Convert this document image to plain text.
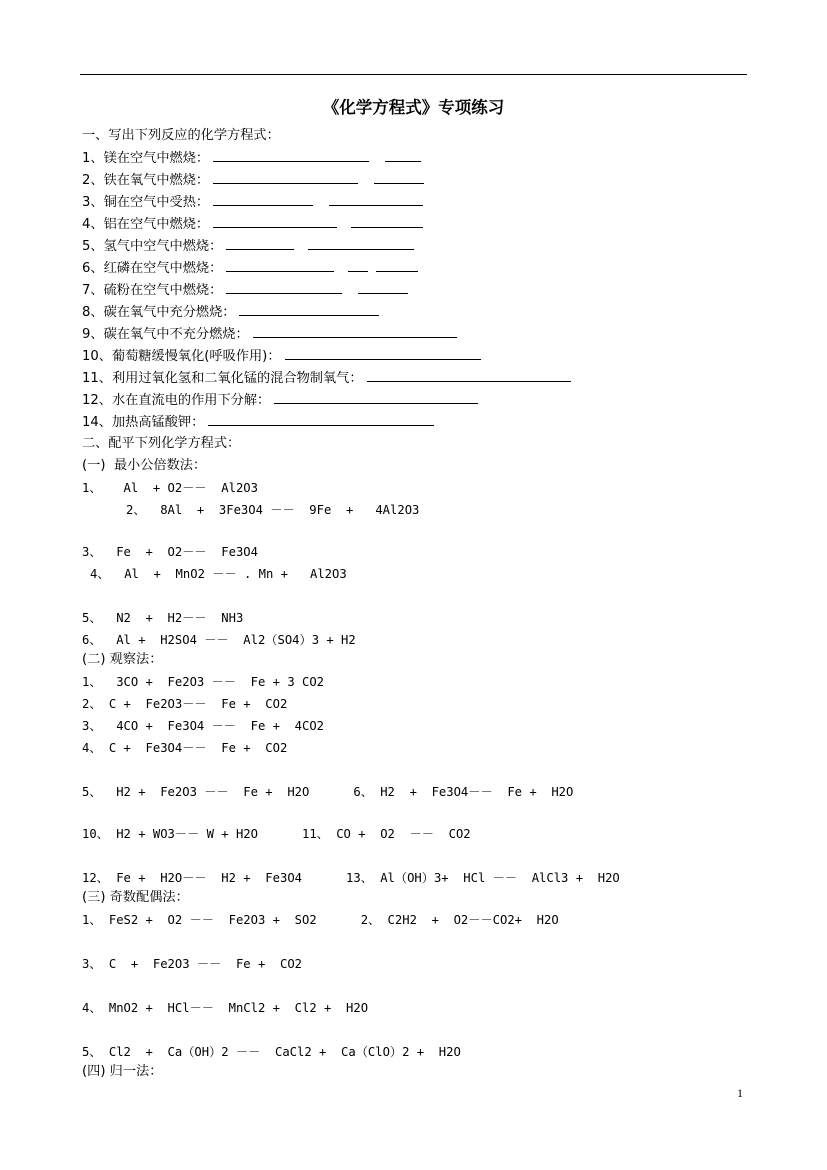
《化学方程式》专项练习
一、写出下列反应的化学方程式：
1、镁在空气中燃烧：
2、铁在氧气中燃烧：
3、铜在空气中受热：
4、铝在空气中燃烧：
5、氢气中空气中燃烧：
6、红磷在空气中燃烧：
7、硫粉在空气中燃烧：
8、碳在氧气中充分燃烧：
9、碳在氧气中不充分燃烧：
10、葡萄糖缓慢氧化(呼吸作用)：
11、利用过氧化氢和二氧化锰的混合物制氧气：
12、水在直流电的作用下分解：
14、加热高锰酸钾：
二、配平下列化学方程式：
(一)  最小公倍数法：
1、   Al  + O2－－  Al2O3
2、  8Al  +  3Fe3O4 －－  9Fe  +   4Al2O3
3、  Fe  +  O2－－  Fe3O4
4、  Al  +  MnO2 －－ . Mn +   Al2O3
5、  N2  +  H2－－  NH3
6、  Al +  H2SO4 －－  Al2（SO4）3 + H2
(二) 观察法：
1、  3CO +  Fe2O3 －－  Fe + 3 CO2
2、 C +  Fe2O3－－  Fe +  CO2
3、  4CO +  Fe3O4 －－  Fe +  4CO2
4、 C +  Fe3O4－－  Fe +  CO2
5、  H2 +  Fe2O3 －－  Fe +  H2O      6、 H2  +  Fe3O4－－  Fe +  H2O
10、 H2 + WO3－－ W + H2O      11、 CO +  O2  －－  CO2
12、 Fe +  H2O－－  H2 +  Fe3O4      13、 Al（OH）3+  HCl －－  AlCl3 +  H2O
(三) 奇数配偶法：
1、 FeS2 +  O2 －－  Fe2O3 +  SO2      2、 C2H2  +  O2－－CO2+  H2O
3、 C  +  Fe2O3 －－  Fe +  CO2
4、 MnO2 +  HCl－－  MnCl2 +  Cl2 +  H2O
5、 Cl2  +  Ca（OH）2 －－  CaCl2 +  Ca（ClO）2 +  H2O
(四) 归一法：
1
